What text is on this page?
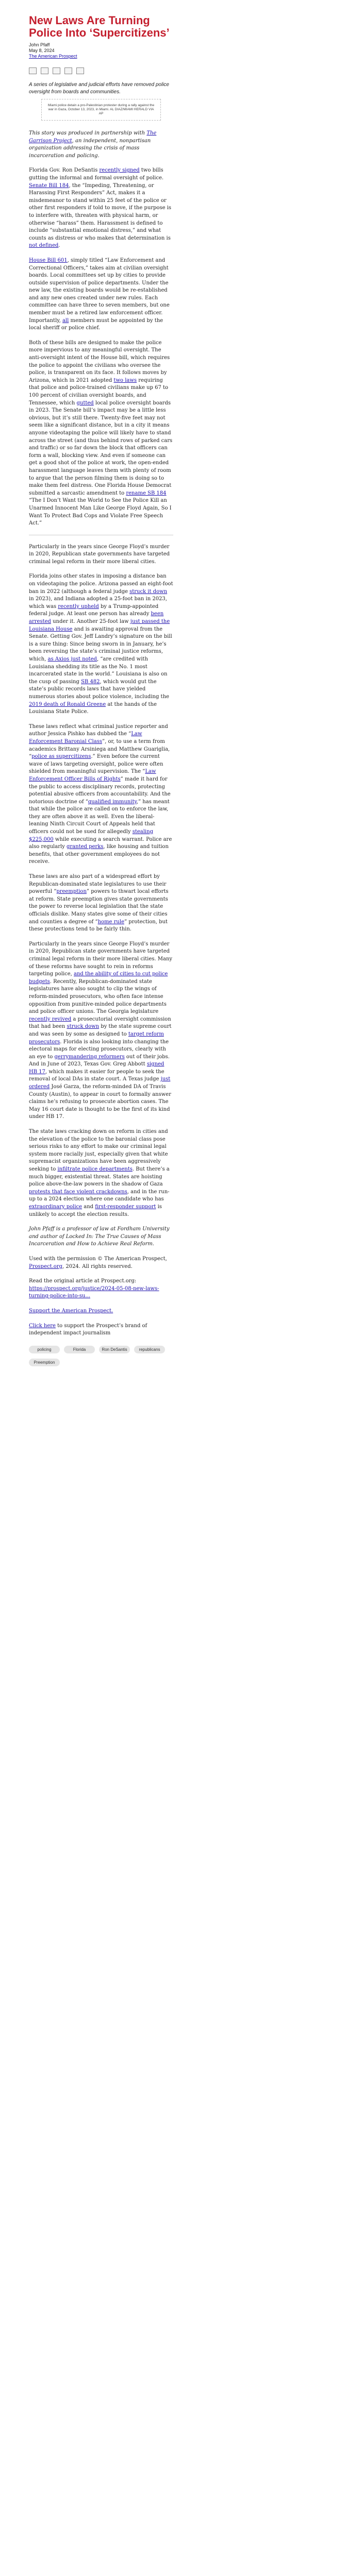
New Laws Are Turning Police Into ‘Supercitizens’
John Pfaff
May 8, 2024
The American Prospect
A series of legislative and judicial efforts have removed police oversight from boards and communities.
Miami police detain a pro-Palestinian protester during a rally against the war in Gaza, October 13, 2023, in Miami. AL DIAZ/MIAMI HERALD VIA AP

This story was produced in partnership with The Garrison Project, an independent, nonpartisan organization addressing the crisis of mass incarceration and policing.

Florida Gov. Ron DeSantis recently signed two bills gutting the informal and formal oversight of police. Senate Bill 184, the “Impeding, Threatening, or Harassing First Responders” Act, makes it a misdemeanor to stand within 25 feet of the police or other first responders if told to move, if the purpose is to interfere with, threaten with physical harm, or otherwise “harass” them. Harassment is defined to include “substantial emotional distress,” and what counts as distress or who makes that determination is not defined.

House Bill 601, simply titled “Law Enforcement and Correctional Officers,” takes aim at civilian oversight boards. Local committees set up by cities to provide outside supervision of police departments. Under the new law, the existing boards would be re-established and any new ones created under new rules. Each committee can have three to seven members, but one member must be a retired law enforcement officer. Importantly, all members must be appointed by the local sheriff or police chief.

Both of these bills are designed to make the police more impervious to any meaningful oversight. The anti-oversight intent of the House bill, which requires the police to appoint the civilians who oversee the police, is transparent on its face. It follows moves by Arizona, which in 2021 adopted two laws requiring that police and police-trained civilians make up 67 to 100 percent of civilian oversight boards, and Tennessee, which gutted local police oversight boards in 2023. The Senate bill’s impact may be a little less obvious, but it’s still there. Twenty-five feet may not seem like a significant distance, but in a city it means anyone videotaping the police will likely have to stand across the street (and thus behind rows of parked cars and traffic) or so far down the block that officers can form a wall, blocking view. And even if someone can get a good shot of the police at work, the open-ended harassment language leaves them with plenty of room to argue that the person filming them is doing so to make them feel distress. One Florida House Democrat submitted a sarcastic amendment to rename SB 184 “The I Don’t Want the World to See the Police Kill an Unarmed Innocent Man Like George Floyd Again, So I Want To Protect Bad Cops and Violate Free Speech Act.”

Particularly in the years since George Floyd’s murder in 2020, Republican state governments have targeted criminal legal reform in their more liberal cities.

Florida joins other states in imposing a distance ban on videotaping the police. Arizona passed an eight-foot ban in 2022 (although a federal judge struck it down in 2023), and Indiana adopted a 25-foot ban in 2023, which was recently upheld by a Trump-appointed federal judge. At least one person has already been arrested under it. Another 25-foot law just passed the Louisiana House and is awaiting approval from the Senate. Getting Gov. Jeff Landry’s signature on the bill is a sure thing: Since being sworn in in January, he’s been reversing the state’s criminal justice reforms, which, as Axios just noted, “are credited with Louisiana shedding its title as the No. 1 most incarcerated state in the world.” Louisiana is also on the cusp of passing SB 482, which would gut the state’s public records laws that have yielded numerous stories about police violence, including the 2019 death of Ronald Greene at the hands of the Louisiana State Police.

These laws reflect what criminal justice reporter and author Jessica Pishko has dubbed the “Law Enforcement Baronial Class”, or, to use a term from academics Brittany Arsiniega and Matthew Guariglia, “police as supercitizens.” Even before the current wave of laws targeting oversight, police were often shielded from meaningful supervision. The “Law Enforcement Officer Bills of Rights” made it hard for the public to access disciplinary records, protecting potential abusive officers from accountability. And the notorious doctrine of “qualified immunity,” has meant that while the police are called on to enforce the law, they are often above it as well. Even the liberal-leaning Ninth Circuit Court of Appeals held that officers could not be sued for allegedly stealing $225,000 while executing a search warrant. Police are also regularly granted perks, like housing and tuition benefits, that other government employees do not receive.

These laws are also part of a widespread effort by Republican-dominated state legislatures to use their powerful “preemption” powers to thwart local efforts at reform. State preemption gives state governments the power to reverse local legislation that the state officials dislike. Many states give some of their cities and counties a degree of “home rule” protection, but these protections tend to be fairly thin.

Particularly in the years since George Floyd’s murder in 2020, Republican state governments have targeted criminal legal reform in their more liberal cities. Many of these reforms have sought to rein in reforms targeting police, and the ability of cities to cut police budgets. Recently, Republican-dominated state legislatures have also sought to clip the wings of reform-minded prosecutors, who often face intense opposition from punitive-minded police departments and police officer unions. The Georgia legislature recently revived a prosecutorial oversight commission that had been struck down by the state supreme court and was seen by some as designed to target reform prosecutors. Florida is also looking into changing the electoral maps for electing prosecutors, clearly with an eye to gerrymandering reformers out of their jobs. And in June of 2023, Texas Gov. Greg Abbott signed HB 17, which makes it easier for people to seek the removal of local DAs in state court. A Texas judge just ordered José Garza, the reform-minded DA of Travis County (Austin), to appear in court to formally answer claims he’s refusing to prosecute abortion cases. The May 16 court date is thought to be the first of its kind under HB 17.

The state laws cracking down on reform in cities and the elevation of the police to the baronial class pose serious risks to any effort to make our criminal legal system more racially just, especially given that white supremacist organizations have been aggressively seeking to infiltrate police departments. But there’s a much bigger, existential threat. States are hoisting police above-the-law powers in the shadow of Gaza protests that face violent crackdowns, and in the run-up to a 2024 election where one candidate who has extraordinary police and first-responder support is unlikely to accept the election results.

John Pfaff is a professor of law at Fordham University and author of Locked In: The True Causes of Mass Incarceration and How to Achieve Real Reform.

Used with the permission © The American Prospect, Prospect.org, 2024. All rights reserved.

Read the original article at Prospect.org: https://prospect.org/justice/2024-05-08-new-laws-turning-police-into-su...

Support the American Prospect.

Click here to support the Prospect’s brand of independent impact journalism

policing	Florida	Ron DeSantis	republicans
Preemption
